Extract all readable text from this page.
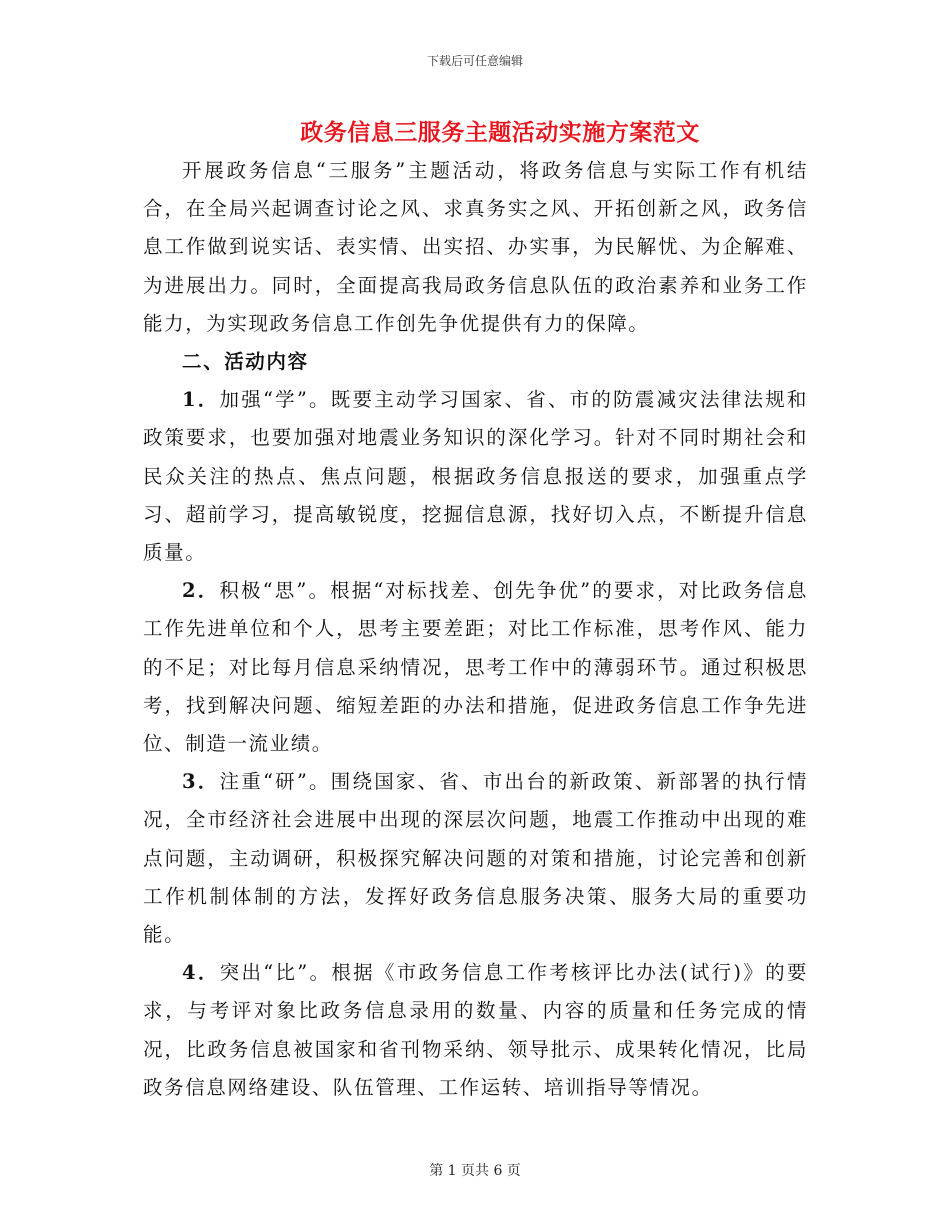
下载后可任意编辑
政务信息三服务主题活动实施方案范文

开展政务信息“三服务”主题活动，将政务信息与实际工作有机结合，在全局兴起调查讨论之风、求真务实之风、开拓创新之风，政务信息工作做到说实话、表实情、出实招、办实事，为民解忧、为企解难、为进展出力。同时，全面提高我局政务信息队伍的政治素养和业务工作能力，为实现政务信息工作创先争优提供有力的保障。

二、活动内容

1．加强“学”。既要主动学习国家、省、市的防震减灾法律法规和政策要求，也要加强对地震业务知识的深化学习。针对不同时期社会和民众关注的热点、焦点问题，根据政务信息报送的要求，加强重点学习、超前学习，提高敏锐度，挖掘信息源，找好切入点，不断提升信息质量。

2．积极“思”。根据“对标找差、创先争优”的要求，对比政务信息工作先进单位和个人，思考主要差距；对比工作标准，思考作风、能力的不足；对比每月信息采纳情况，思考工作中的薄弱环节。通过积极思考，找到解决问题、缩短差距的办法和措施，促进政务信息工作争先进位、制造一流业绩。

3．注重“研”。围绕国家、省、市出台的新政策、新部署的执行情况，全市经济社会进展中出现的深层次问题，地震工作推动中出现的难点问题，主动调研，积极探究解决问题的对策和措施，讨论完善和创新工作机制体制的方法，发挥好政务信息服务决策、服务大局的重要功能。

4．突出“比”。根据《市政务信息工作考核评比办法(试行)》的要求，与考评对象比政务信息录用的数量、内容的质量和任务完成的情况，比政务信息被国家和省刊物采纳、领导批示、成果转化情况，比局政务信息网络建设、队伍管理、工作运转、培训指导等情况。

第 1 页共 6 页
